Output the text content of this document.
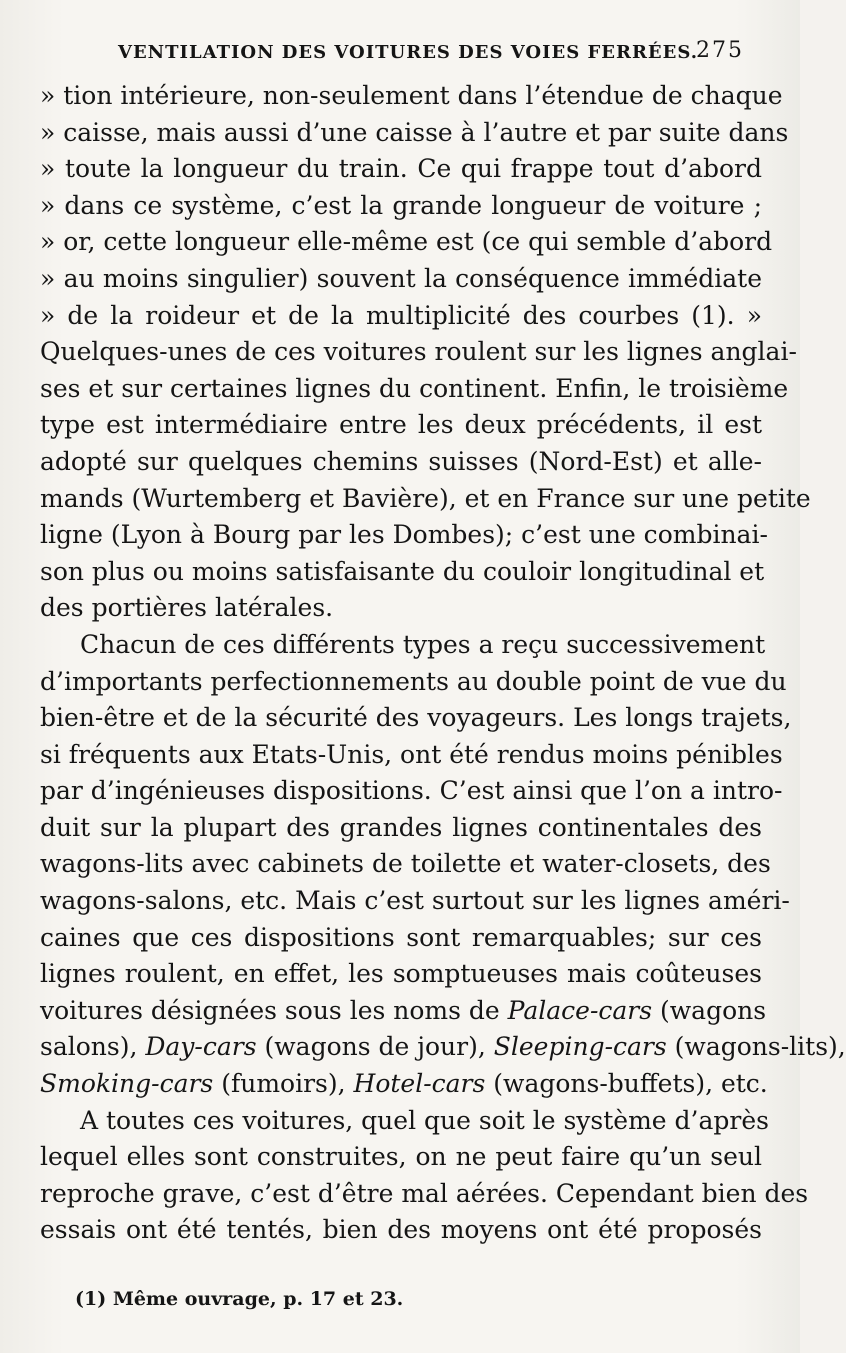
VENTILATION DES VOITURES DES VOIES FERRÉES.
275
» tion intérieure, non-seulement dans l’étendue de chaque
» caisse, mais aussi d’une caisse à l’autre et par suite dans
» toute la longueur du train. Ce qui frappe tout d’abord
» dans ce système, c’est la grande longueur de voiture ;
» or, cette longueur elle-même est (ce qui semble d’abord
» au moins singulier) souvent la conséquence immédiate
» de la roideur et de la multiplicité des courbes (1). »
Quelques-unes de ces voitures roulent sur les lignes anglai-
ses et sur certaines lignes du continent. Enfin, le troisième
type est intermédiaire entre les deux précédents, il est
adopté sur quelques chemins suisses (Nord-Est) et alle-
mands (Wurtemberg et Bavière), et en France sur une petite
ligne (Lyon à Bourg par les Dombes); c’est une combinai-
son plus ou moins satisfaisante du couloir longitudinal et
des portières latérales.
Chacun de ces différents types a reçu successivement
d’importants perfectionnements au double point de vue du
bien-être et de la sécurité des voyageurs. Les longs trajets,
si fréquents aux Etats-Unis, ont été rendus moins pénibles
par d’ingénieuses dispositions. C’est ainsi que l’on a intro-
duit sur la plupart des grandes lignes continentales des
wagons-lits avec cabinets de toilette et water-closets, des
wagons-salons, etc. Mais c’est surtout sur les lignes améri-
caines que ces dispositions sont remarquables; sur ces
lignes roulent, en effet, les somptueuses mais coûteuses
voitures désignées sous les noms de Palace-cars (wagons
salons), Day-cars (wagons de jour), Sleeping-cars (wagons-lits),
Smoking-cars (fumoirs), Hotel-cars (wagons-buffets), etc.
A toutes ces voitures, quel que soit le système d’après
lequel elles sont construites, on ne peut faire qu’un seul
reproche grave, c’est d’être mal aérées. Cependant bien des
essais ont été tentés, bien des moyens ont été proposés
(1) Même ouvrage, p. 17 et 23.
